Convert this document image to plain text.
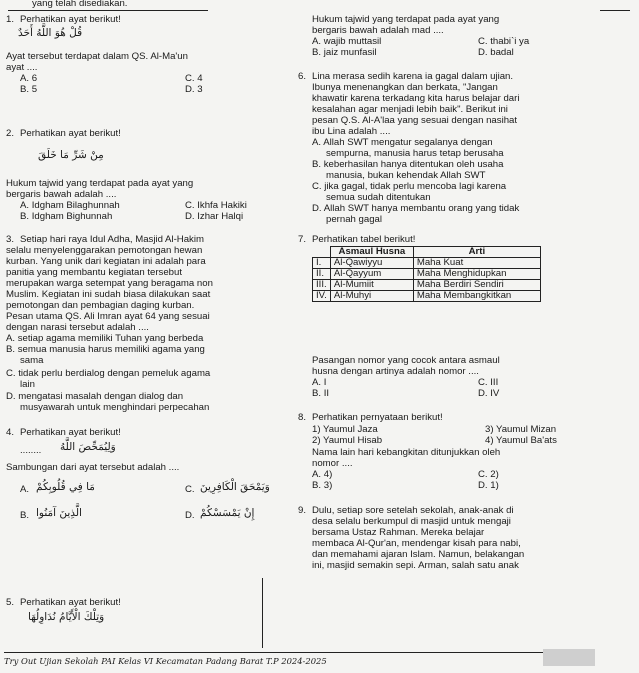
yang telah disediakan.
1. Perhatikan ayat berikut!
قُلْ هُوَ اللَّهُ أَحَدٌ
Ayat tersebut terdapat dalam QS. Al-Ma'un
ayat ....
A. 6	C. 4
B. 5	D. 3
2. Perhatikan ayat berikut!
مِنْ شَرِّ مَا خَلَقَ
Hukum tajwid yang terdapat pada ayat yang
bergaris bawah adalah ....
A. Idgham Bilaghunnah	C. Ikhfa Hakiki
B. Idgham Bighunnah	D. Izhar Halqi
3. Setiap hari raya Idul Adha, Masjid Al-Hakim
selalu menyelenggarakan pemotongan hewan
kurban. Yang unik dari kegiatan ini adalah para
panitia yang membantu kegiatan tersebut
merupakan warga setempat yang beragama non
Muslim. Kegiatan ini sudah biasa dilakukan saat
pemotongan dan pembagian daging kurban.
Pesan utama QS. Ali Imran ayat 64 yang sesuai
dengan narasi tersebut adalah ....
A. setiap agama memiliki Tuhan yang berbeda
B. semua manusia harus memiliki agama yang
sama
C. tidak perlu berdialog dengan pemeluk agama
lain
D. mengatasi masalah dengan dialog dan
musyawarah untuk menghindari perpecahan
4. Perhatikan ayat berikut!
........ وَلِيُمَحِّصَ اللَّهُ
Sambungan dari ayat tersebut adalah ....
A. مَا فِي قُلُوبِكُمْ	C. وَيَمْحَقَ الْكَافِرِينَ
B. الَّذِينَ آمَنُوا	D. إِنْ يَمْسَسْكُمْ
5. Perhatikan ayat berikut!
وَتِلْكَ الْأَيَّامُ نُدَاوِلُهَا
Hukum tajwid yang terdapat pada ayat yang
bergaris bawah adalah mad ....
A. wajib muttasil	C. thabi`i ya
B. jaiz munfasil	D. badal
6. Lina merasa sedih karena ia gagal dalam ujian.
Ibunya menenangkan dan berkata, "Jangan
khawatir karena terkadang kita harus belajar dari
kesalahan agar menjadi lebih baik". Berikut ini
pesan Q.S. Al-A'laa yang sesuai dengan nasihat
ibu Lina adalah ....
A. Allah SWT mengatur segalanya dengan
sempurna, manusia harus tetap berusaha
B. keberhasilan hanya ditentukan oleh usaha
manusia, bukan kehendak Allah SWT
C. jika gagal, tidak perlu mencoba lagi karena
semua sudah ditentukan
D. Allah SWT hanya membantu orang yang tidak
pernah gagal
7. Perhatikan tabel berikut!
	Asmaul Husna	Arti
I.	Al-Qawiyyu	Maha Kuat
II.	Al-Qayyum	Maha Menghidupkan
III.	Al-Mumiit	Maha Berdiri Sendiri
IV.	Al-Muhyi	Maha Membangkitkan
Pasangan nomor yang cocok antara asmaul
husna dengan artinya adalah nomor ....
A. I	C. III
B. II	D. IV
8. Perhatikan pernyataan berikut!
1) Yaumul Jaza	3) Yaumul Mizan
2) Yaumul Hisab	4) Yaumul Ba'ats
Nama lain hari kebangkitan ditunjukkan oleh
nomor ....
A. 4)	C. 2)
B. 3)	D. 1)
9. Dulu, setiap sore setelah sekolah, anak-anak di
desa selalu berkumpul di masjid untuk mengaji
bersama Ustaz Rahman. Mereka belajar
membaca Al-Qur'an, mendengar kisah para nabi,
dan memahami ajaran Islam. Namun, belakangan
ini, masjid semakin sepi. Arman, salah satu anak
Try Out Ujian Sekolah PAI Kelas VI Kecamatan Padang Barat T.P 2024-2025
